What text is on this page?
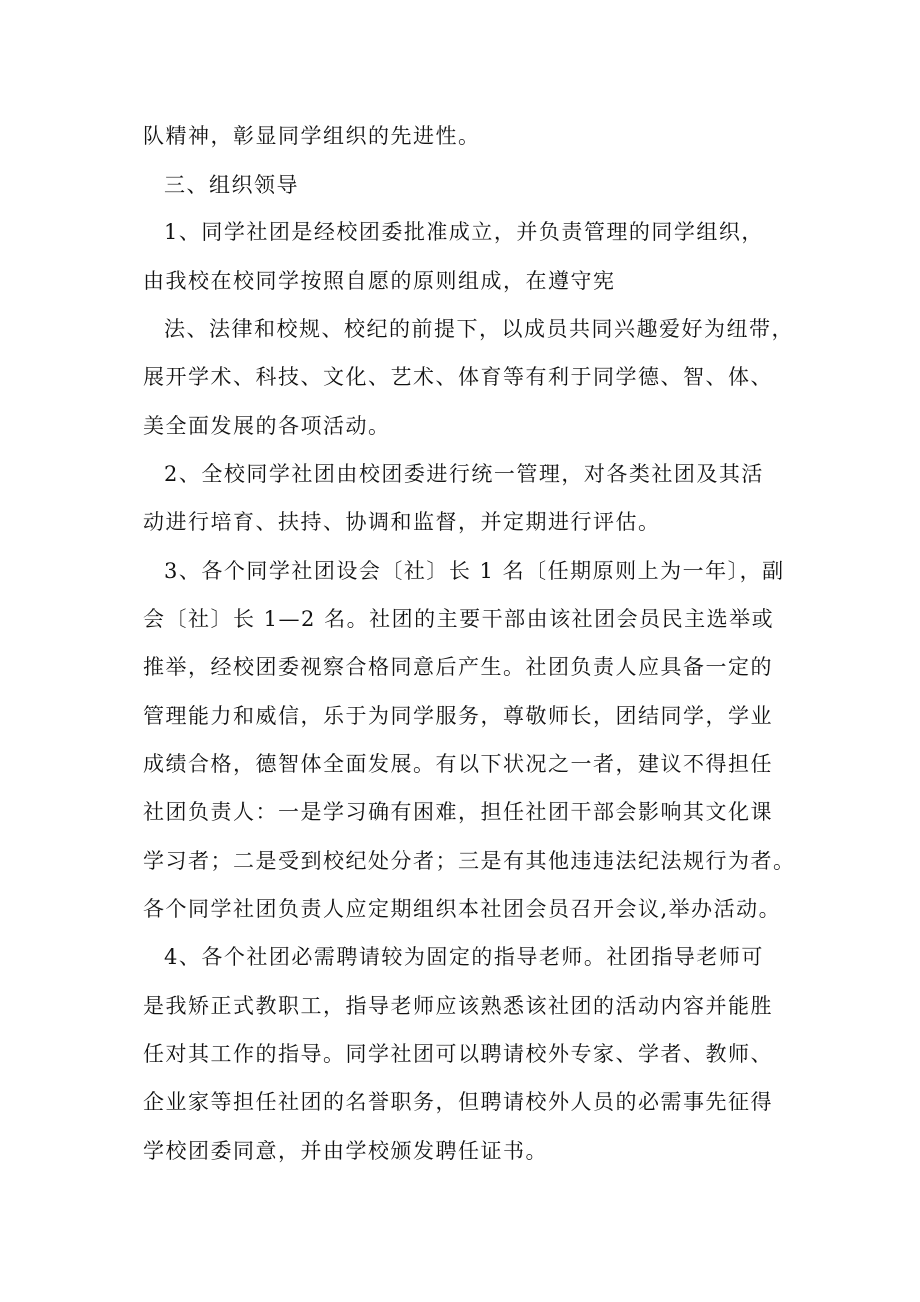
队精神，彰显同学组织的先进性。
三、组织领导
1、同学社团是经校团委批准成立，并负责管理的同学组织，
由我校在校同学按照自愿的原则组成，在遵守宪
法、法律和校规、校纪的前提下，以成员共同兴趣爱好为纽带，
展开学术、科技、文化、艺术、体育等有利于同学德、智、体、
美全面发展的各项活动。
2、全校同学社团由校团委进行统一管理，对各类社团及其活
动进行培育、扶持、协调和监督，并定期进行评估。
3、各个同学社团设会〔社〕长 1 名〔任期原则上为一年〕，副
会〔社〕长 1—2 名。社团的主要干部由该社团会员民主选举或
推举，经校团委视察合格同意后产生。社团负责人应具备一定的
管理能力和威信，乐于为同学服务，尊敬师长，团结同学，学业
成绩合格，德智体全面发展。有以下状况之一者，建议不得担任
社团负责人：一是学习确有困难，担任社团干部会影响其文化课
学习者；二是受到校纪处分者；三是有其他违违法纪法规行为者。
各个同学社团负责人应定期组织本社团会员召开会议,举办活动。
4、各个社团必需聘请较为固定的指导老师。社团指导老师可
是我矫正式教职工，指导老师应该熟悉该社团的活动内容并能胜
任对其工作的指导。同学社团可以聘请校外专家、学者、教师、
企业家等担任社团的名誉职务，但聘请校外人员的必需事先征得
学校团委同意，并由学校颁发聘任证书。
